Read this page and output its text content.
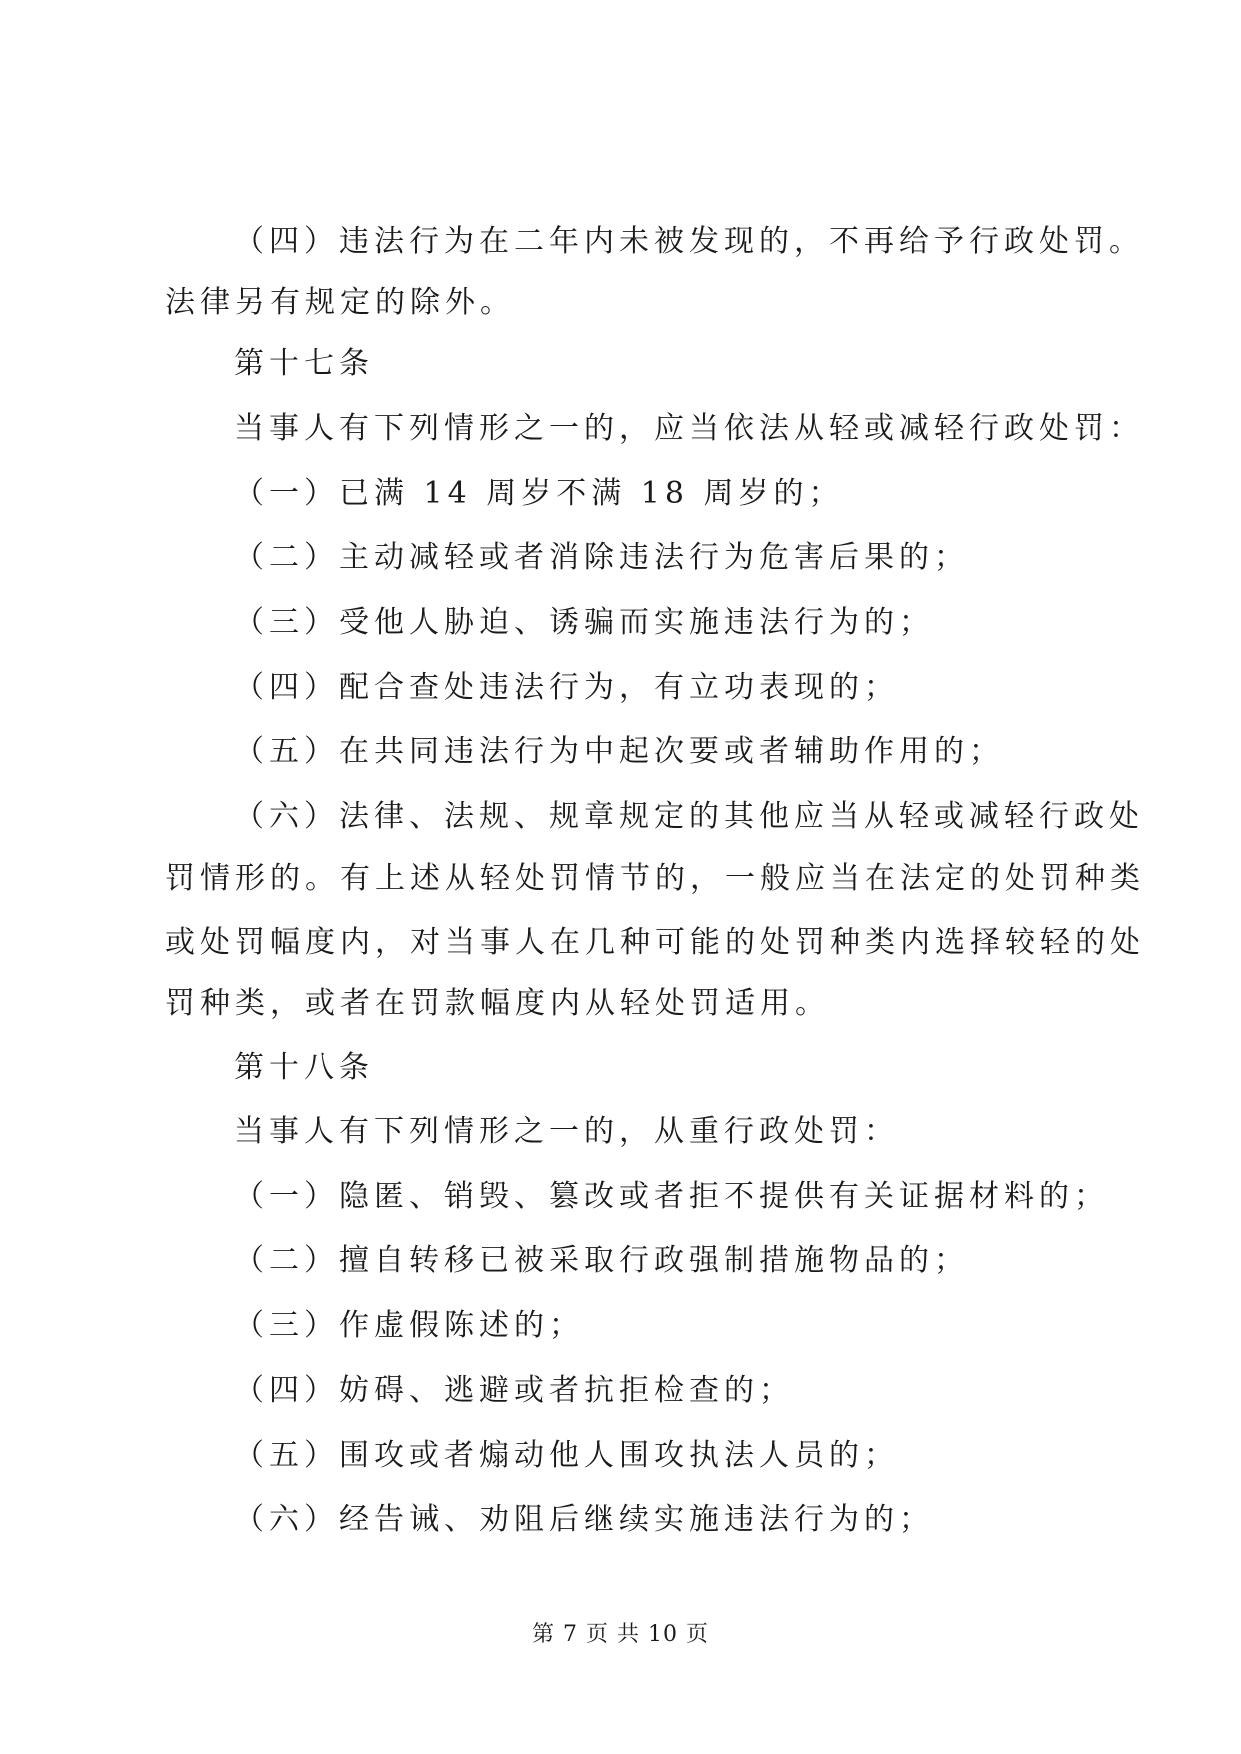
（四）违法行为在二年内未被发现的，不再给予行政处罚。
法律另有规定的除外。
第十七条
当事人有下列情形之一的，应当依法从轻或减轻行政处罚：
（一）已满 14 周岁不满 18 周岁的；
（二）主动减轻或者消除违法行为危害后果的；
（三）受他人胁迫、诱骗而实施违法行为的；
（四）配合查处违法行为，有立功表现的；
（五）在共同违法行为中起次要或者辅助作用的；
（六）法律、法规、规章规定的其他应当从轻或减轻行政处
罚情形的。有上述从轻处罚情节的，一般应当在法定的处罚种类
或处罚幅度内，对当事人在几种可能的处罚种类内选择较轻的处
罚种类，或者在罚款幅度内从轻处罚适用。
第十八条
当事人有下列情形之一的，从重行政处罚：
（一）隐匿、销毁、篡改或者拒不提供有关证据材料的；
（二）擅自转移已被采取行政强制措施物品的；
（三）作虚假陈述的；
（四）妨碍、逃避或者抗拒检查的；
（五）围攻或者煽动他人围攻执法人员的；
（六）经告诫、劝阻后继续实施违法行为的；
第 7 页 共 10 页
